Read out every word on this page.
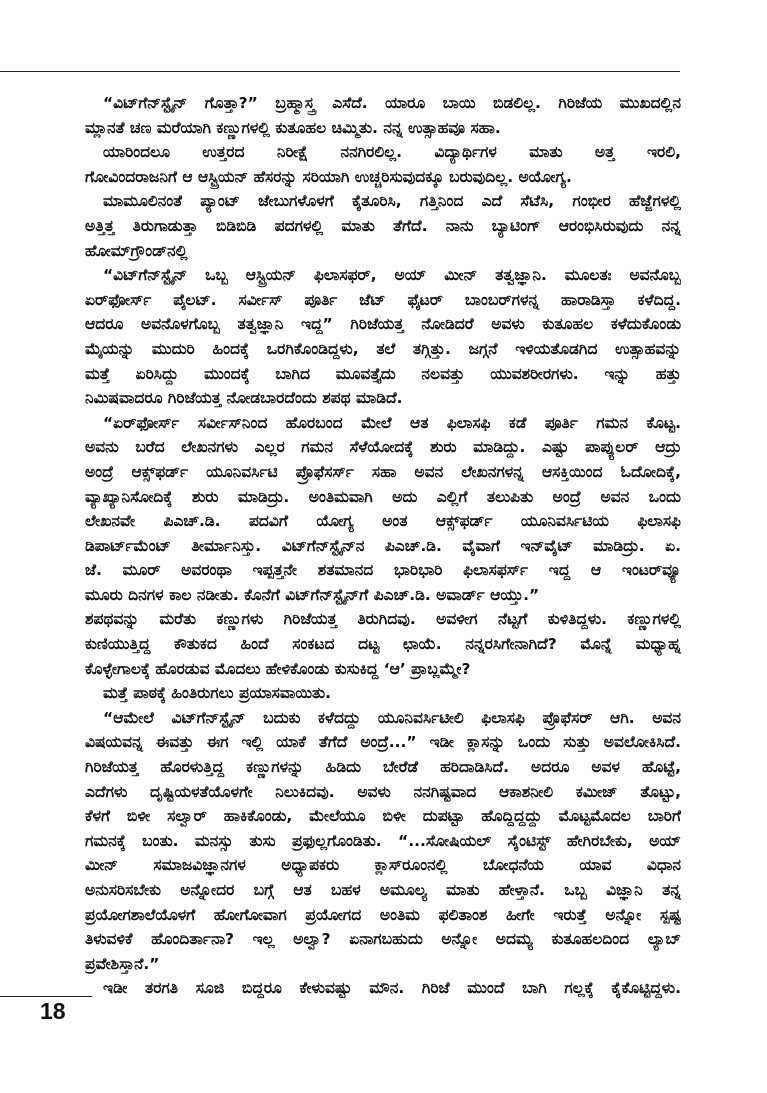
“ವಿಟ್‌ಗೆನ್‌ಸ್ಟೈನ್ ಗೊತ್ತಾ?” ಬ್ರಹ್ಮಾಸ್ತ್ರ ಎಸೆದೆ. ಯಾರೂ ಬಾಯಿ ಬಿಡಲಿಲ್ಲ. ಗಿರಿಜೆಯ ಮುಖದಲ್ಲಿನ
ಮ್ಲಾನತೆ ಚಣ ಮರೆಯಾಗಿ ಕಣ್ಣುಗಳಲ್ಲಿ ಕುತೂಹಲ ಚಿಮ್ಮಿತು. ನನ್ನ ಉತ್ಸಾಹವೂ ಸಹಾ.
ಯಾರಿಂದಲೂ ಉತ್ತರದ ನಿರೀಕ್ಷೆ ನನಗಿರಲಿಲ್ಲ. ವಿದ್ಯಾರ್ಥಿಗಳ ಮಾತು ಅತ್ತ ಇರಲಿ,
ಗೋವಿಂದರಾಜನಿಗೆ ಆ ಆಸ್ಟ್ರಿಯನ್ ಹೆಸರನ್ನು ಸರಿಯಾಗಿ ಉಚ್ಚರಿಸುವುದಕ್ಕೂ ಬರುವುದಿಲ್ಲ. ಅಯೋಗ್ಯ.
ಮಾಮೂಲಿನಂತೆ ಪ್ಯಾಂಟ್ ಜೇಬುಗಳೊಳಗೆ ಕೈತೂರಿಸಿ, ಗತ್ತಿನಿಂದ ಎದೆ ಸೆಟೆಸಿ, ಗಂಭೀರ ಹೆಜ್ಜೆಗಳಲ್ಲಿ
ಅತ್ತಿತ್ತ ತಿರುಗಾಡುತ್ತಾ ಬಿಡಿಬಿಡಿ ಪದಗಳಲ್ಲಿ ಮಾತು ತೆಗೆದೆ. ನಾನು ಬ್ಯಾಟಿಂಗ್ ಆರಂಭಿಸಿರುವುದು ನನ್ನ
ಹೋಮ್‌ಗ್ರೌಂಡ್‌ನಲ್ಲಿ
“ವಿಟ್‌ಗೆನ್‌ಸ್ಟೈನ್ ಒಬ್ಬ ಆಸ್ಟ್ರಿಯನ್ ಫಿಲಾಸಫರ್, ಅಯ್ ಮೀನ್ ತತ್ವಜ್ಞಾನಿ. ಮೂಲತಃ ಅವನೊಬ್ಬ
ಏರ್‌ಫೋರ್ಸ್ ಪೈಲಟ್. ಸರ್ವೀಸ್ ಪೂರ್ತಿ ಜೆಟ್ ಫೈಟರ್ ಬಾಂಬರ್‌ಗಳನ್ನ ಹಾರಾಡಿಸ್ತಾ ಕಳೆದಿದ್ದ.
ಆದರೂ ಅವನೊಳಗೊಬ್ಬ ತತ್ವಜ್ಞಾನಿ ಇದ್ದ” ಗಿರಿಜೆಯತ್ತ ನೋಡಿದರೆ ಅವಳು ಕುತೂಹಲ ಕಳೆದುಕೊಂಡು
ಮೈಯನ್ನು ಮುದುರಿ ಹಿಂದಕ್ಕೆ ಒರಗಿಕೊಂಡಿದ್ದಳು, ತಲೆ ತಗ್ಗಿತ್ತು. ಜಗ್ಗನೆ ಇಳಿಯತೊಡಗಿದ ಉತ್ಸಾಹವನ್ನು
ಮತ್ತೆ ಏರಿಸಿದ್ದು ಮುಂದಕ್ಕೆ ಬಾಗಿದ ಮೂವತ್ತೈದು ನಲವತ್ತು ಯುವಶರೀರಗಳು. ಇನ್ನು ಹತ್ತು
ನಿಮಿಷವಾದರೂ ಗಿರಿಜೆಯತ್ತ ನೋಡಬಾರದೆಂದು ಶಪಥ ಮಾಡಿದೆ.
“ಏರ್‌ಫೋರ್ಸ್ ಸರ್ವೀಸ್‌ನಿಂದ ಹೊರಬಂದ ಮೇಲೆ ಆತ ಫಿಲಾಸಫಿ ಕಡೆ ಪೂರ್ತಿ ಗಮನ ಕೊಟ್ಟ.
ಅವನು ಬರೆದ ಲೇಖನಗಳು ಎಲ್ಲರ ಗಮನ ಸೆಳೆಯೋದಕ್ಕೆ ಶುರು ಮಾಡಿದ್ದು. ಎಷ್ಟು ಪಾಪ್ಯುಲರ್ ಆದ್ರು
ಅಂದ್ರೆ ಆಕ್ಸ್‌ಫರ್ಡ್ ಯೂನಿವರ್ಸಿಟಿ ಪ್ರೊಫೆಸರ್ಸ್ ಸಹಾ ಅವನ ಲೇಖನಗಳನ್ನ ಆಸಕ್ತಿಯಿಂದ ಓದೋದಿಕ್ಕೆ,
ವ್ಯಾಖ್ಯಾನಿಸೋದಿಕ್ಕೆ ಶುರು ಮಾಡಿದ್ರು. ಅಂತಿಮವಾಗಿ ಅದು ಎಲ್ಲಿಗೆ ತಲುಪಿತು ಅಂದ್ರೆ ಅವನ ಒಂದು
ಲೇಖನವೇ ಪಿಎಚ್.ಡಿ. ಪದವಿಗೆ ಯೋಗ್ಯ ಅಂತ ಆಕ್ಸ್‌ಫರ್ಡ್ ಯೂನಿವರ್ಸಿಟಿಯ ಫಿಲಾಸಫಿ
ಡಿಪಾರ್ಟ್‌ಮೆಂಟ್ ತೀರ್ಮಾನಿಸ್ತು. ವಿಟ್‌ಗೆನ್‌ಸ್ಟೈನ್‌ನ ಪಿಎಚ್.ಡಿ. ವೈವಾಗೆ ಇನ್‌ವೈಟ್ ಮಾಡಿದ್ರು. ಏ.
ಜೆ. ಮೂರ್ ಅವರಂಥಾ ಇಪ್ಪತ್ತನೇ ಶತಮಾನದ ಭಾರಿಭಾರಿ ಫಿಲಾಸಫರ್ಸ್ ಇದ್ದ ಆ ಇಂಟರ್‌ವ್ಯೂ
ಮೂರು ದಿನಗಳ ಕಾಲ ನಡೀತು. ಕೊನೆಗೆ ವಿಟ್‌ಗೆನ್‌ಸ್ಟೈನ್‌ಗೆ ಪಿಎಚ್.ಡಿ. ಅವಾರ್ಡ್ ಆಯ್ತು.”
ಶಪಥವನ್ನು ಮರೆತು ಕಣ್ಣುಗಳು ಗಿರಿಜೆಯತ್ತ ತಿರುಗಿದವು. ಅವಳೀಗ ನೆಟ್ಟಗೆ ಕುಳಿತಿದ್ದಳು. ಕಣ್ಣುಗಳಲ್ಲಿ
ಕುಣಿಯುತ್ತಿದ್ದ ಕೌತುಕದ ಹಿಂದೆ ಸಂಕಟದ ದಟ್ಟ ಛಾಯೆ. ನನ್ನರಸಿಗೇನಾಗಿದೆ? ಮೊನ್ನೆ ಮಧ್ಯಾಹ್ನ
ಕೊಳ್ಳೇಗಾಲಕ್ಕೆ ಹೊರಡುವ ಮೊದಲು ಹೇಳಿಕೊಂಡು ಕುಸುಕಿದ್ದ ‘ಆ’ ಪ್ರಾಬ್ಲಮ್ಮೇ?
ಮತ್ತೆ ಪಾಠಕ್ಕೆ ಹಿಂತಿರುಗಲು ಪ್ರಯಾಸವಾಯಿತು.
“ಆಮೇಲೆ ವಿಟ್‌ಗೆನ್‌ಸ್ಟೈನ್ ಬದುಕು ಕಳೆದದ್ದು ಯೂನಿವರ್ಸಿಟೀಲಿ ಫಿಲಾಸಫಿ ಪ್ರೊಫೆಸರ್ ಆಗಿ. ಅವನ
ವಿಷಯವನ್ನ ಈವತ್ತು ಈಗ ಇಲ್ಲಿ ಯಾಕೆ ತೆಗೆದೆ ಅಂದ್ರೆ...” ಇಡೀ ಕ್ಲಾಸನ್ನು ಒಂದು ಸುತ್ತು ಅವಲೋಕಿಸಿದೆ.
ಗಿರಿಜೆಯತ್ತ ಹೊರಳುತ್ತಿದ್ದ ಕಣ್ಣುಗಳನ್ನು ಹಿಡಿದು ಬೇರೆಡೆ ಹರಿದಾಡಿಸಿದೆ. ಅದರೂ ಅವಳ ಹೊಟ್ಟೆ,
ಎದೆಗಳು ದೃಷ್ಟಿಯಳತೆಯೊಳಗೇ ನಿಲುಕಿದವು. ಅವಳು ನನಗಿಷ್ಟವಾದ ಆಕಾಶನೀಲಿ ಕಮೀಜ್ ತೊಟ್ಟು,
ಕೆಳಗೆ ಬಿಳೀ ಸಲ್ವಾರ್ ಹಾಕಿಕೊಂಡು, ಮೇಲೆಯೂ ಬಿಳೀ ದುಪಟ್ಟಾ ಹೊದ್ದಿದ್ದದ್ದು ಮೊಟ್ಟಮೊದಲ ಬಾರಿಗೆ
ಗಮನಕ್ಕೆ ಬಂತು. ಮನಸ್ಸು ತುಸು ಪ್ರಫುಲ್ಲಗೊಂಡಿತು. “...ಸೋಷಿಯಲ್ ಸೈಂಟಿಸ್ಟ್ ಹೇಗಿರಬೇಕು, ಅಯ್
ಮೀನ್ ಸಮಾಜವಿಜ್ಞಾನಗಳ ಅಧ್ಯಾಪಕರು ಕ್ಲಾಸ್‌ರೂಂನಲ್ಲಿ ಬೋಧನೆಯ ಯಾವ ವಿಧಾನ
ಅನುಸರಿಸಬೇಕು ಅನ್ನೋದರ ಬಗ್ಗೆ ಆತ ಬಹಳ ಅಮೂಲ್ಯ ಮಾತು ಹೇಳ್ತಾನೆ. ಒಬ್ಬ ವಿಜ್ಞಾನಿ ತನ್ನ
ಪ್ರಯೋಗಶಾಲೆಯೊಳಗೆ ಹೋಗೋವಾಗ ಪ್ರಯೋಗದ ಅಂತಿಮ ಫಲಿತಾಂಶ ಹೀಗೇ ಇರುತ್ತೆ ಅನ್ನೋ ಸ್ಪಷ್ಟ
ತಿಳುವಳಿಕೆ ಹೊಂದಿರ್ತಾನಾ? ಇಲ್ಲ ಅಲ್ವಾ? ಏನಾಗಬಹುದು ಅನ್ನೋ ಅದಮ್ಯ ಕುತೂಹಲದಿಂದ ಲ್ಯಾಬ್
ಪ್ರವೇಶಿಸ್ತಾನೆ.”
ಇಡೀ ತರಗತಿ ಸೂಜಿ ಬಿದ್ದರೂ ಕೇಳುವಷ್ಟು ಮೌನ. ಗಿರಿಜೆ ಮುಂದೆ ಬಾಗಿ ಗಲ್ಲಕ್ಕೆ ಕೈಕೊಟ್ಟಿದ್ದಳು.
18
